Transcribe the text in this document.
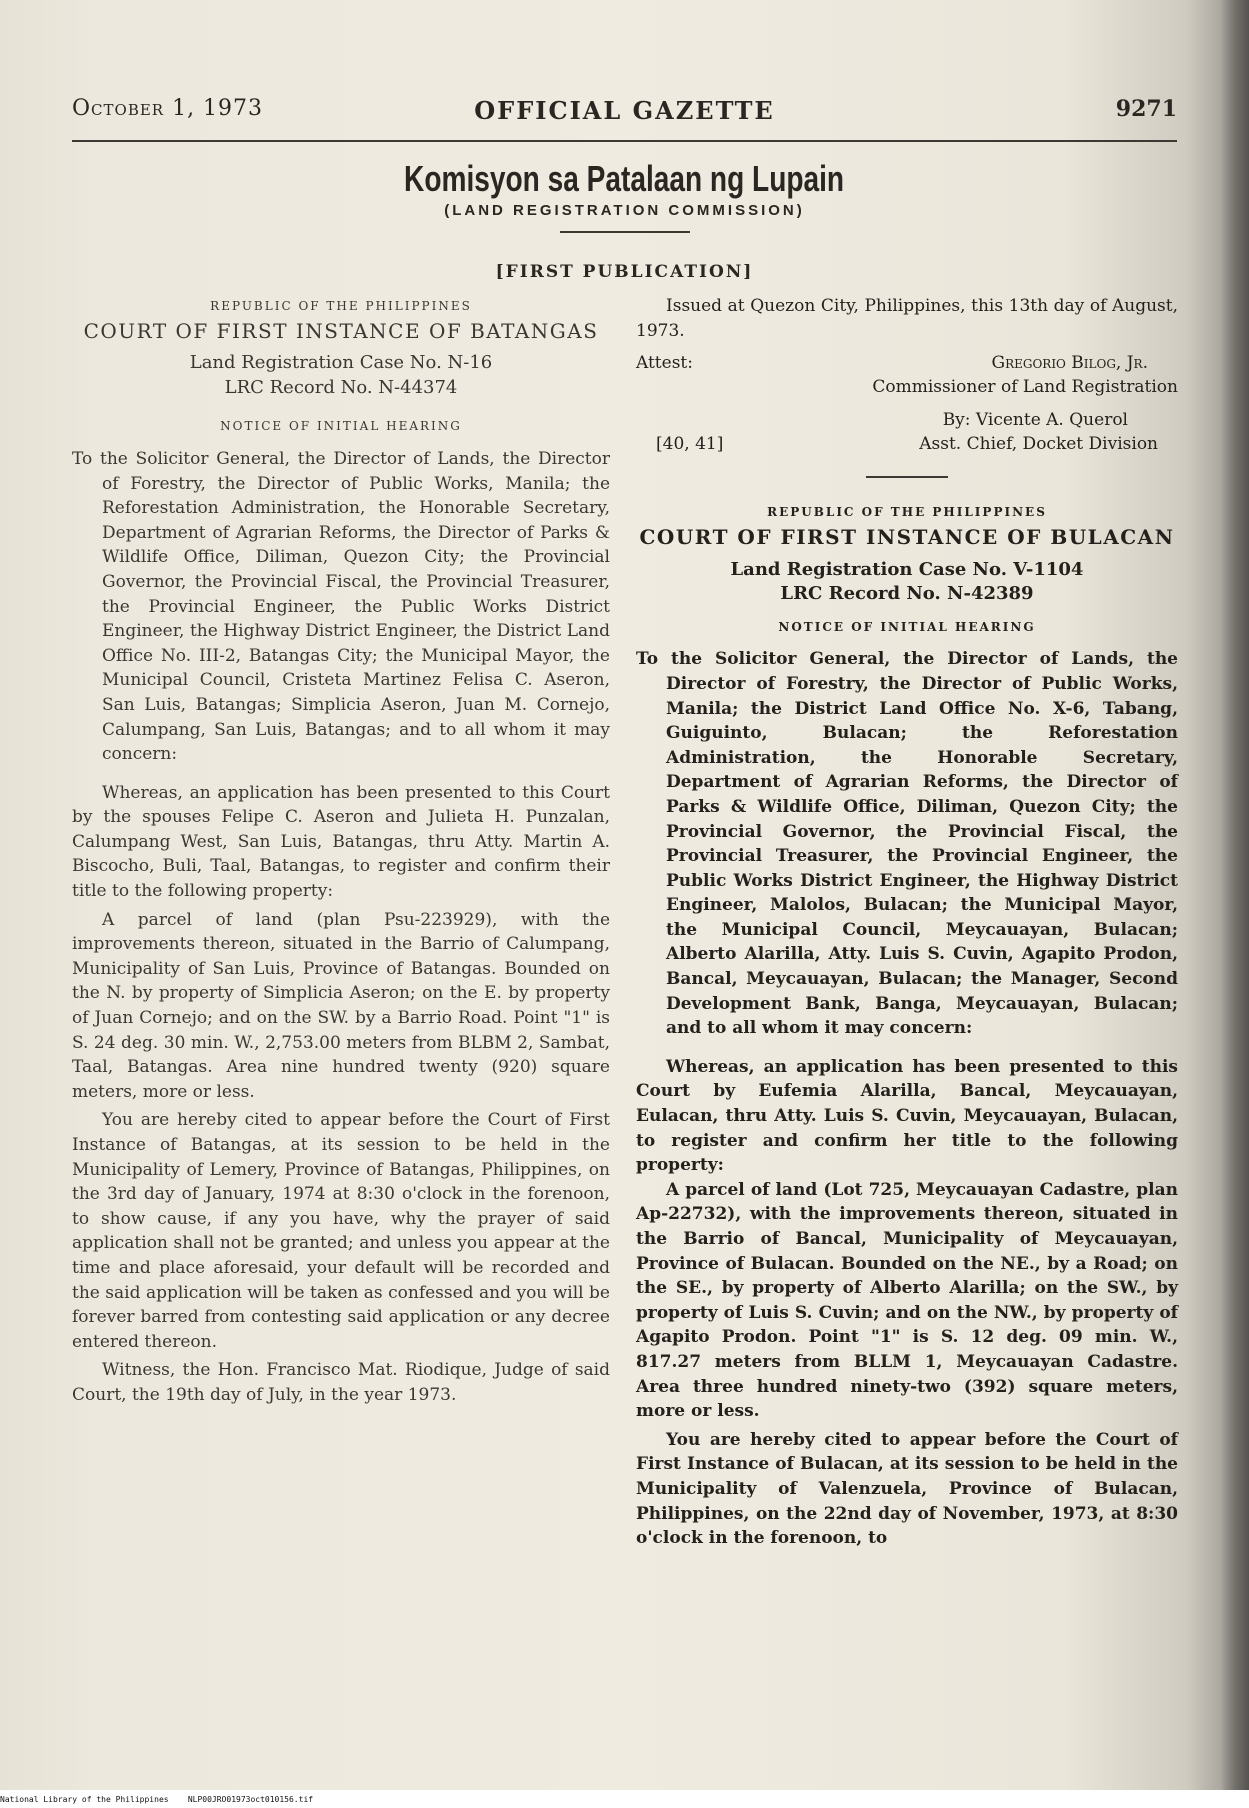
October 1, 1973	OFFICIAL GAZETTE	9271
Komisyon sa Patalaan ng Lupain
(LAND REGISTRATION COMMISSION)
[FIRST PUBLICATION]
REPUBLIC OF THE PHILIPPINES
COURT OF FIRST INSTANCE OF BATANGAS
Land Registration Case No. N-16
LRC Record No. N-44374
NOTICE OF INITIAL HEARING

To the Solicitor General, the Director of Lands, the Director of Forestry, the Director of Public Works, Manila; the Reforestation Administration, the Honorable Secretary, Department of Agrarian Reforms, the Director of Parks & Wildlife Office, Diliman, Quezon City; the Provincial Governor, the Provincial Fiscal, the Provincial Treasurer, the Provincial Engineer, the Public Works District Engineer, the Highway District Engineer, the District Land Office No. III-2, Batangas City; the Municipal Mayor, the Municipal Council, Cristeta Martinez Felisa C. Aseron, San Luis, Batangas; Simplicia Aseron, Juan M. Cornejo, Calumpang, San Luis, Batangas; and to all whom it may concern:

Whereas, an application has been presented to this Court by the spouses Felipe C. Aseron and Julieta H. Punzalan, Calumpang West, San Luis, Batangas, thru Atty. Martin A. Biscocho, Buli, Taal, Batangas, to register and confirm their title to the following property:

A parcel of land (plan Psu-223929), with the improvements thereon, situated in the Barrio of Calumpang, Municipality of San Luis, Province of Batangas. Bounded on the N. by property of Simplicia Aseron; on the E. by property of Juan Cornejo; and on the SW. by a Barrio Road. Point "1" is S. 24 deg. 30 min. W., 2,753.00 meters from BLBM 2, Sambat, Taal, Batangas. Area nine hundred twenty (920) square meters, more or less.

You are hereby cited to appear before the Court of First Instance of Batangas, at its session to be held in the Municipality of Lemery, Province of Batangas, Philippines, on the 3rd day of January, 1974 at 8:30 o'clock in the forenoon, to show cause, if any you have, why the prayer of said application shall not be granted; and unless you appear at the time and place aforesaid, your default will be recorded and the said application will be taken as confessed and you will be forever barred from contesting said application or any decree entered thereon.

Witness, the Hon. Francisco Mat. Riodique, Judge of said Court, the 19th day of July, in the year 1973.

Issued at Quezon City, Philippines, this 13th day of August, 1973.

Attest:	Gregorio Bilog, Jr.
Commissioner of Land Registration
By: Vicente A. Querol
[40, 41]	Asst. Chief, Docket Division
REPUBLIC OF THE PHILIPPINES
COURT OF FIRST INSTANCE OF BULACAN
Land Registration Case No. V-1104
LRC Record No. N-42389
NOTICE OF INITIAL HEARING

To the Solicitor General, the Director of Lands, the Director of Forestry, the Director of Public Works, Manila; the District Land Office No. X-6, Tabang, Guiguinto, Bulacan; the Reforestation Administration, the Honorable Secretary, Department of Agrarian Reforms, the Director of Parks & Wildlife Office, Diliman, Quezon City; the Provincial Governor, the Provincial Fiscal, the Provincial Treasurer, the Provincial Engineer, the Public Works District Engineer, the Highway District Engineer, Malolos, Bulacan; the Municipal Mayor, the Municipal Council, Meycauayan, Bulacan; Alberto Alarilla, Atty. Luis S. Cuvin, Agapito Prodon, Bancal, Meycauayan, Bulacan; the Manager, Second Development Bank, Banga, Meycauayan, Bulacan; and to all whom it may concern:

Whereas, an application has been presented to this Court by Eufemia Alarilla, Bancal, Meycauayan, Eulacan, thru Atty. Luis S. Cuvin, Meycauayan, Bulacan, to register and confirm her title to the following property:

A parcel of land (Lot 725, Meycauayan Cadastre, plan Ap-22732), with the improvements thereon, situated in the Barrio of Bancal, Municipality of Meycauayan, Province of Bulacan. Bounded on the NE., by a Road; on the SE., by property of Alberto Alarilla; on the SW., by property of Luis S. Cuvin; and on the NW., by property of Agapito Prodon. Point "1" is S. 12 deg. 09 min. W., 817.27 meters from BLLM 1, Meycauayan Cadastre. Area three hundred ninety-two (392) square meters, more or less.

You are hereby cited to appear before the Court of First Instance of Bulacan, at its session to be held in the Municipality of Valenzuela, Province of Bulacan, Philippines, on the 22nd day of November, 1973, at 8:30 o'clock in the forenoon, to

National Library of the Philippines NLP00JRO01973oct010156.tif
